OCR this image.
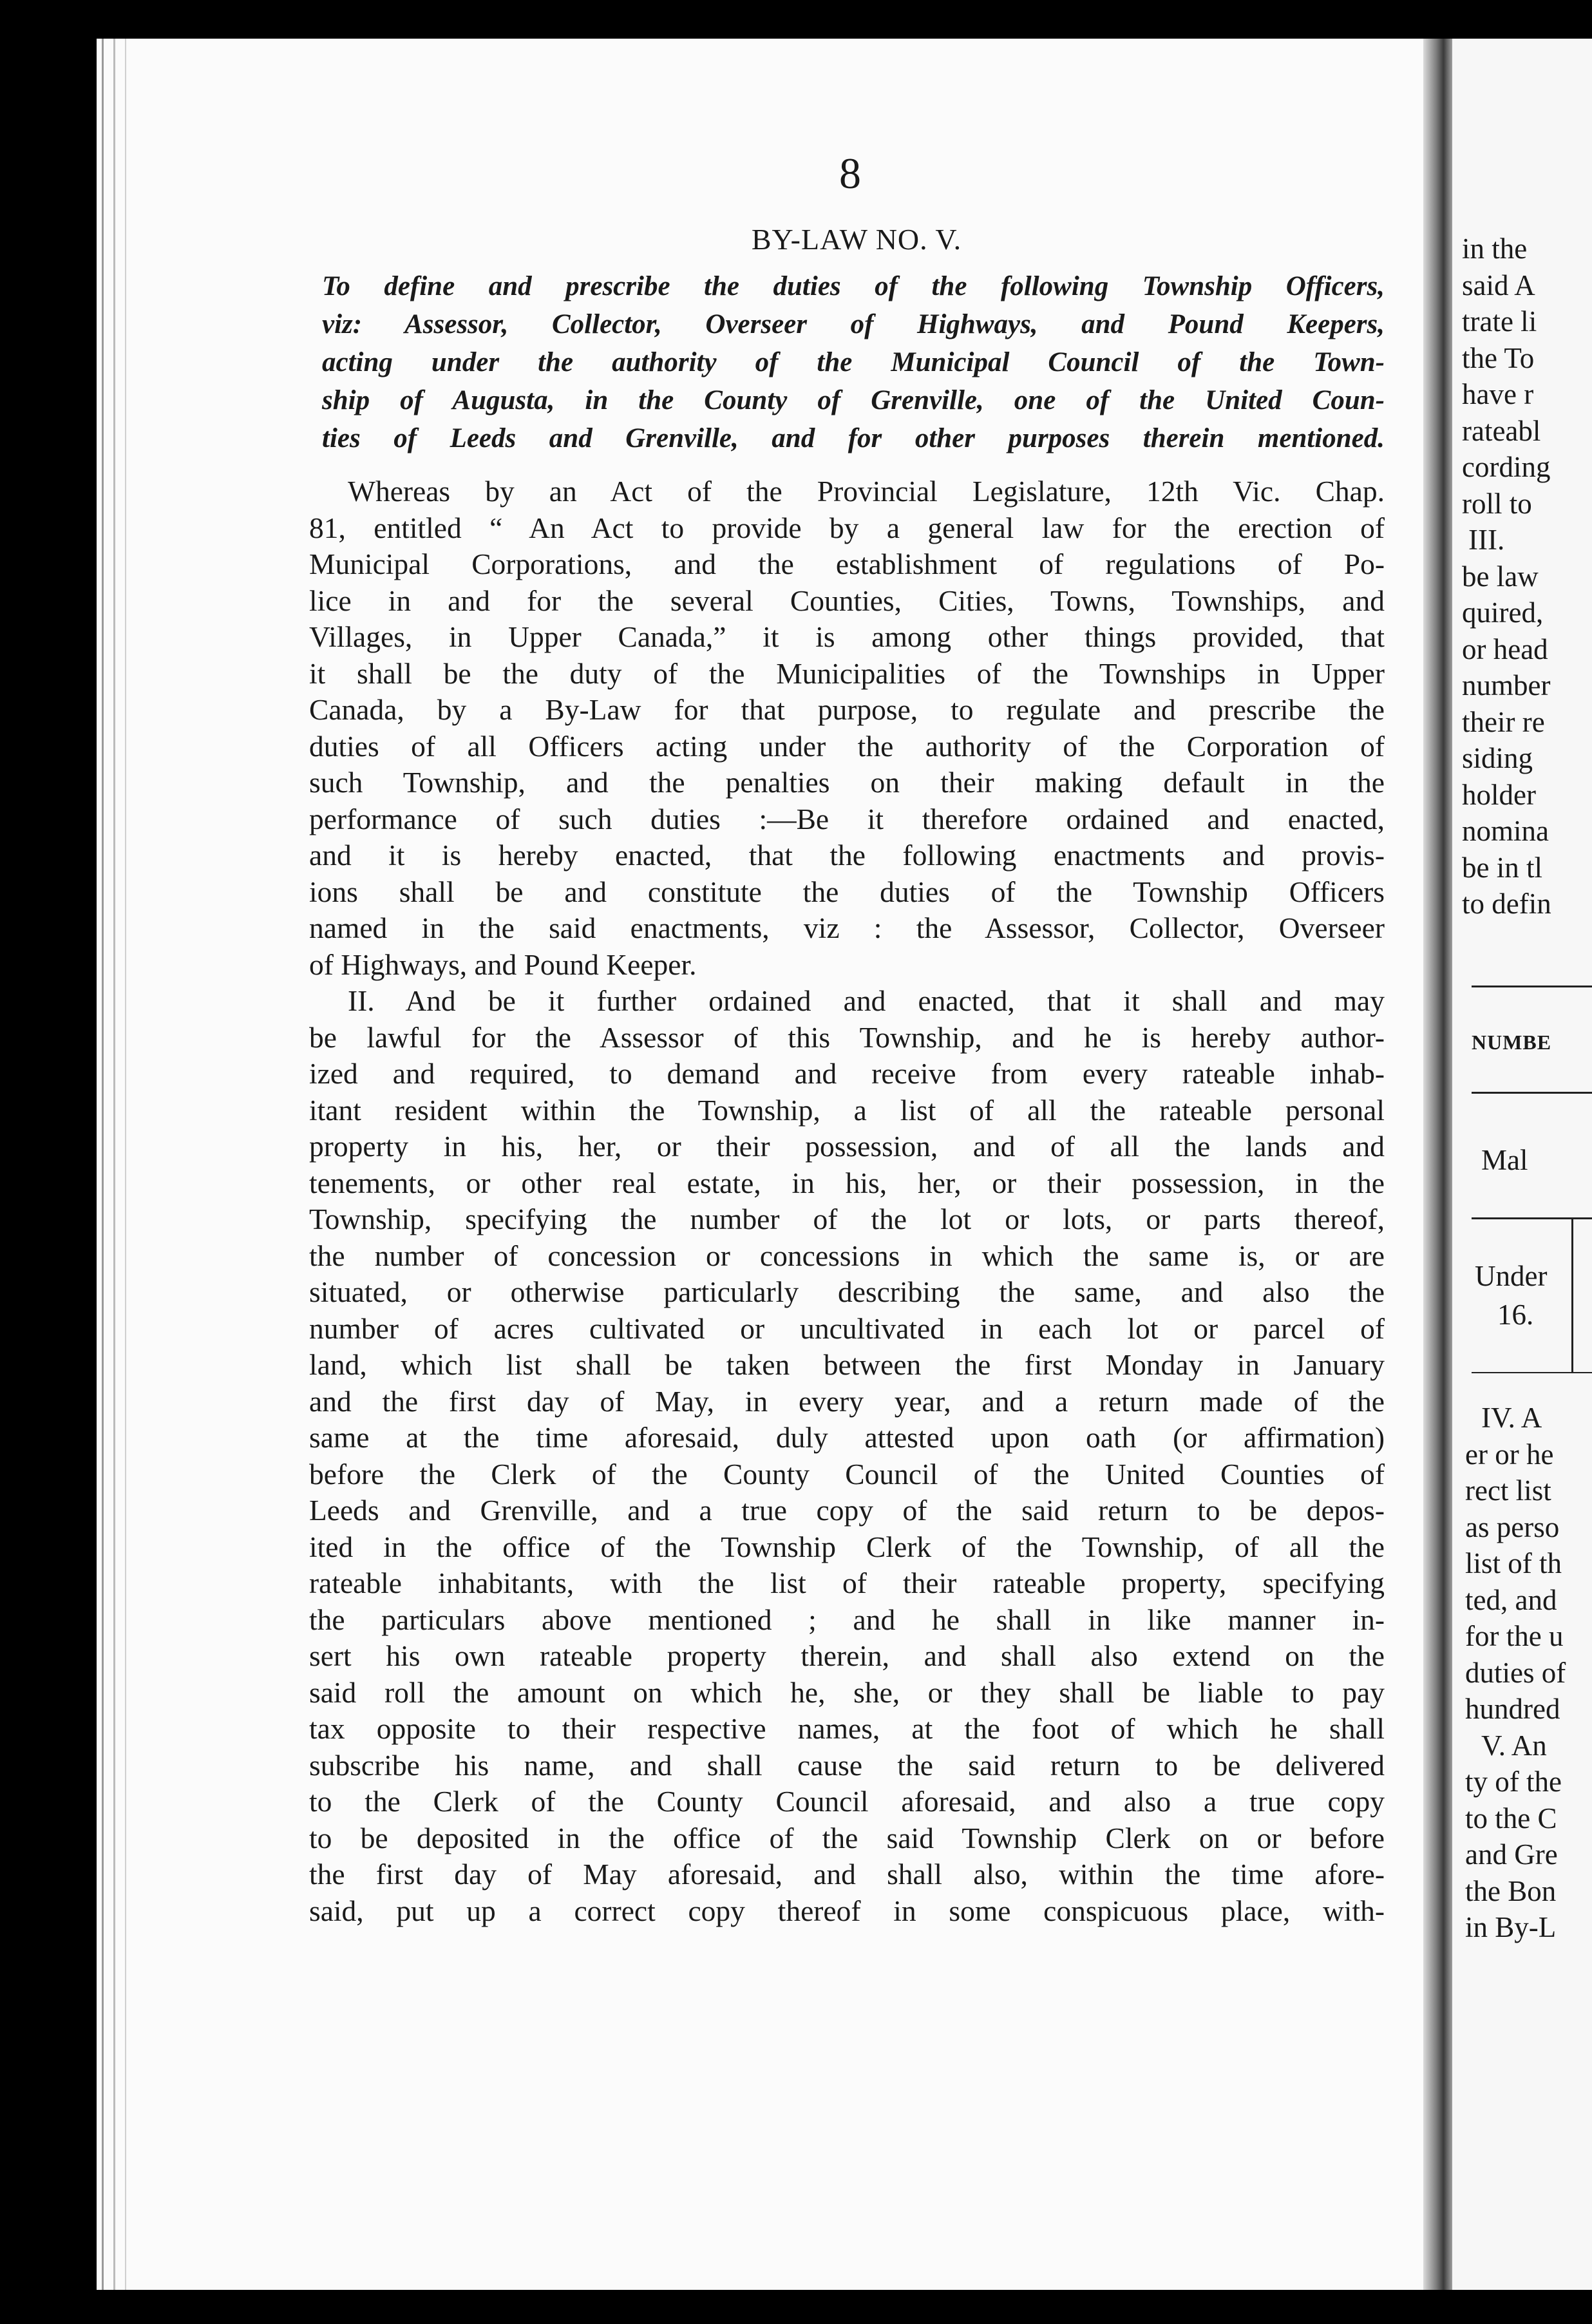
8
BY-LAW NO. V.
To define and prescribe the duties of the following Township Officers,
viz: Assessor, Collector, Overseer of Highways, and Pound Keepers,
acting under the authority of the Municipal Council of the Town-
ship of Augusta, in the County of Grenville, one of the United Coun-
ties of Leeds and Grenville, and for other purposes therein mentioned.
Whereas by an Act of the Provincial Legislature, 12th Vic. Chap.
81, entitled “ An Act to provide by a general law for the erection of
Municipal Corporations, and the establishment of regulations of Po-
lice in and for the several Counties, Cities, Towns, Townships, and
Villages, in Upper Canada,” it is among other things provided, that
it shall be the duty of the Municipalities of the Townships in Upper
Canada, by a By-Law for that purpose, to regulate and prescribe the
duties of all Officers acting under the authority of the Corporation of
such Township, and the penalties on their making default in the
performance of such duties :—Be it therefore ordained and enacted,
and it is hereby enacted, that the following enactments and provis-
ions shall be and constitute the duties of the Township Officers
named in the said enactments, viz : the Assessor, Collector, Overseer
of Highways, and Pound Keeper.
II. And be it further ordained and enacted, that it shall and may
be lawful for the Assessor of this Township, and he is hereby author-
ized and required, to demand and receive from every rateable inhab-
itant resident within the Township, a list of all the rateable personal
property in his, her, or their possession, and of all the lands and
tenements, or other real estate, in his, her, or their possession, in the
Township, specifying the number of the lot or lots, or parts thereof,
the number of concession or concessions in which the same is, or are
situated, or otherwise particularly describing the same, and also the
number of acres cultivated or uncultivated in each lot or parcel of
land, which list shall be taken between the first Monday in January
and the first day of May, in every year, and a return made of the
same at the time aforesaid, duly attested upon oath (or affirmation)
before the Clerk of the County Council of the United Counties of
Leeds and Grenville, and a true copy of the said return to be depos-
ited in the office of the Township Clerk of the Township, of all the
rateable inhabitants, with the list of their rateable property, specifying
the particulars above mentioned ; and he shall in like manner in-
sert his own rateable property therein, and shall also extend on the
said roll the amount on which he, she, or they shall be liable to pay
tax opposite to their respective names, at the foot of which he shall
subscribe his name, and shall cause the said return to be delivered
to the Clerk of the County Council aforesaid, and also a true copy
to be deposited in the office of the said Township Clerk on or before
the first day of May aforesaid, and shall also, within the time afore-
said, put up a correct copy thereof in some conspicuous place, with-
in the
said A
trate li
the To
have r
rateabl
cording
roll to
III.
be law
quired,
or head
number
their re
siding
holder
nomina
be in tl
to defin
NUMBE
Mal
Under
16.
IV. A
er or he
rect list
as perso
list of th
ted, and
for the u
duties of
hundred
V. An
ty of the
to the C
and Gre
the Bon
in By-L
